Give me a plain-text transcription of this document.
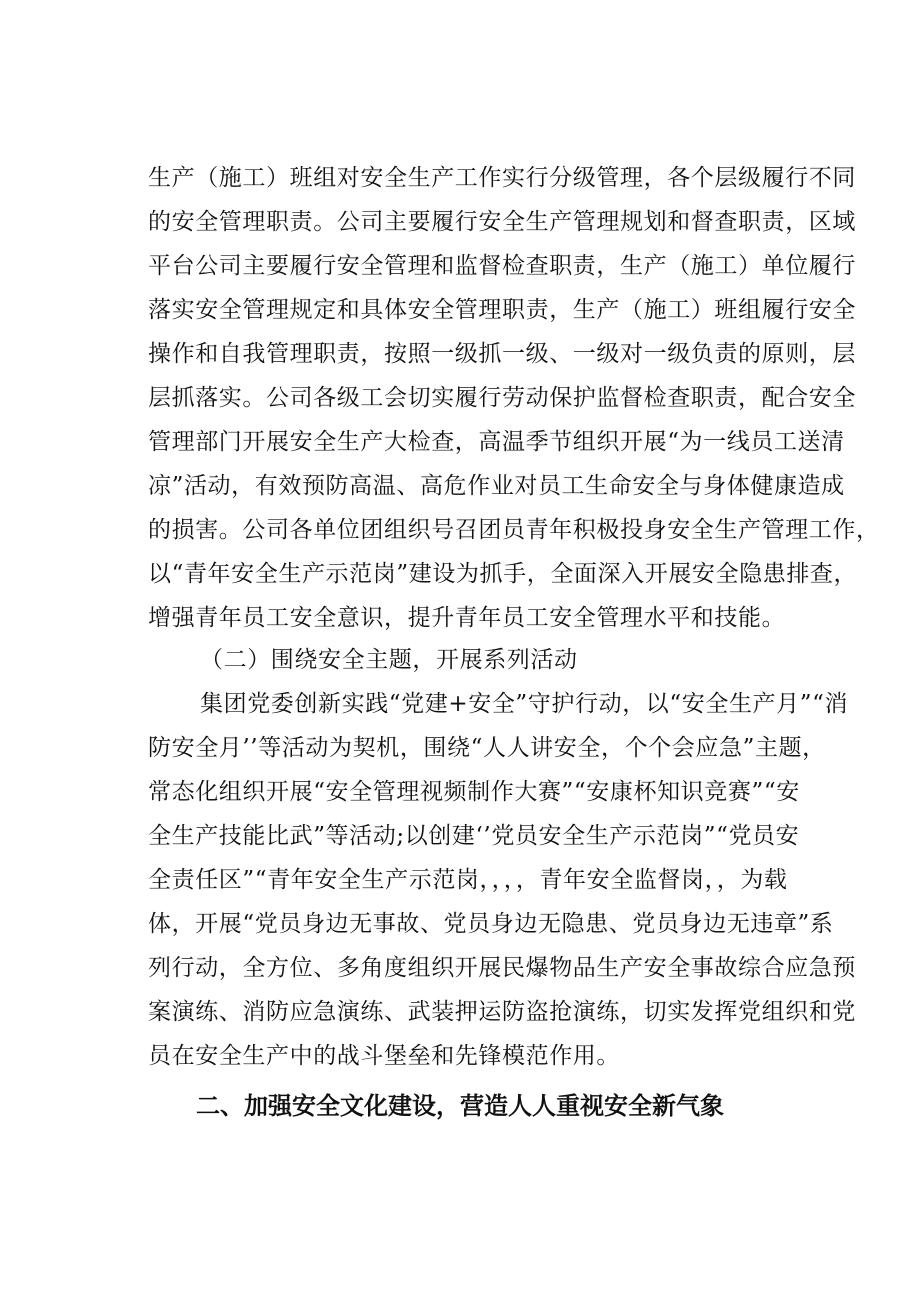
生产（施工）班组对安全生产工作实行分级管理，各个层级履行不同
的安全管理职责。公司主要履行安全生产管理规划和督查职责，区域
平台公司主要履行安全管理和监督检查职责，生产（施工）单位履行
落实安全管理规定和具体安全管理职责，生产（施工）班组履行安全
操作和自我管理职责，按照一级抓一级、一级对一级负责的原则，层
层抓落实。公司各级工会切实履行劳动保护监督检查职责，配合安全
管理部门开展安全生产大检查，高温季节组织开展“为一线员工送清
凉”活动，有效预防高温、高危作业对员工生命安全与身体健康造成
的损害。公司各单位团组织号召团员青年积极投身安全生产管理工作，
以“青年安全生产示范岗”建设为抓手，全面深入开展安全隐患排查，
增强青年员工安全意识，提升青年员工安全管理水平和技能。
（二）围绕安全主题，开展系列活动
集团党委创新实践“党建+安全”守护行动，以“安全生产月”“消
防安全月’’等活动为契机，围绕“人人讲安全，个个会应急”主题，
常态化组织开展“安全管理视频制作大赛”“安康杯知识竞赛”“安
全生产技能比武”等活动;以创建‘’党员安全生产示范岗”“党员安
全责任区”“青年安全生产示范岗，，，，青年安全监督岗，，为载
体，开展“党员身边无事故、党员身边无隐患、党员身边无违章”系
列行动，全方位、多角度组织开展民爆物品生产安全事故综合应急预
案演练、消防应急演练、武装押运防盗抢演练，切实发挥党组织和党
员在安全生产中的战斗堡垒和先锋模范作用。
二、加强安全文化建设，营造人人重视安全新气象
